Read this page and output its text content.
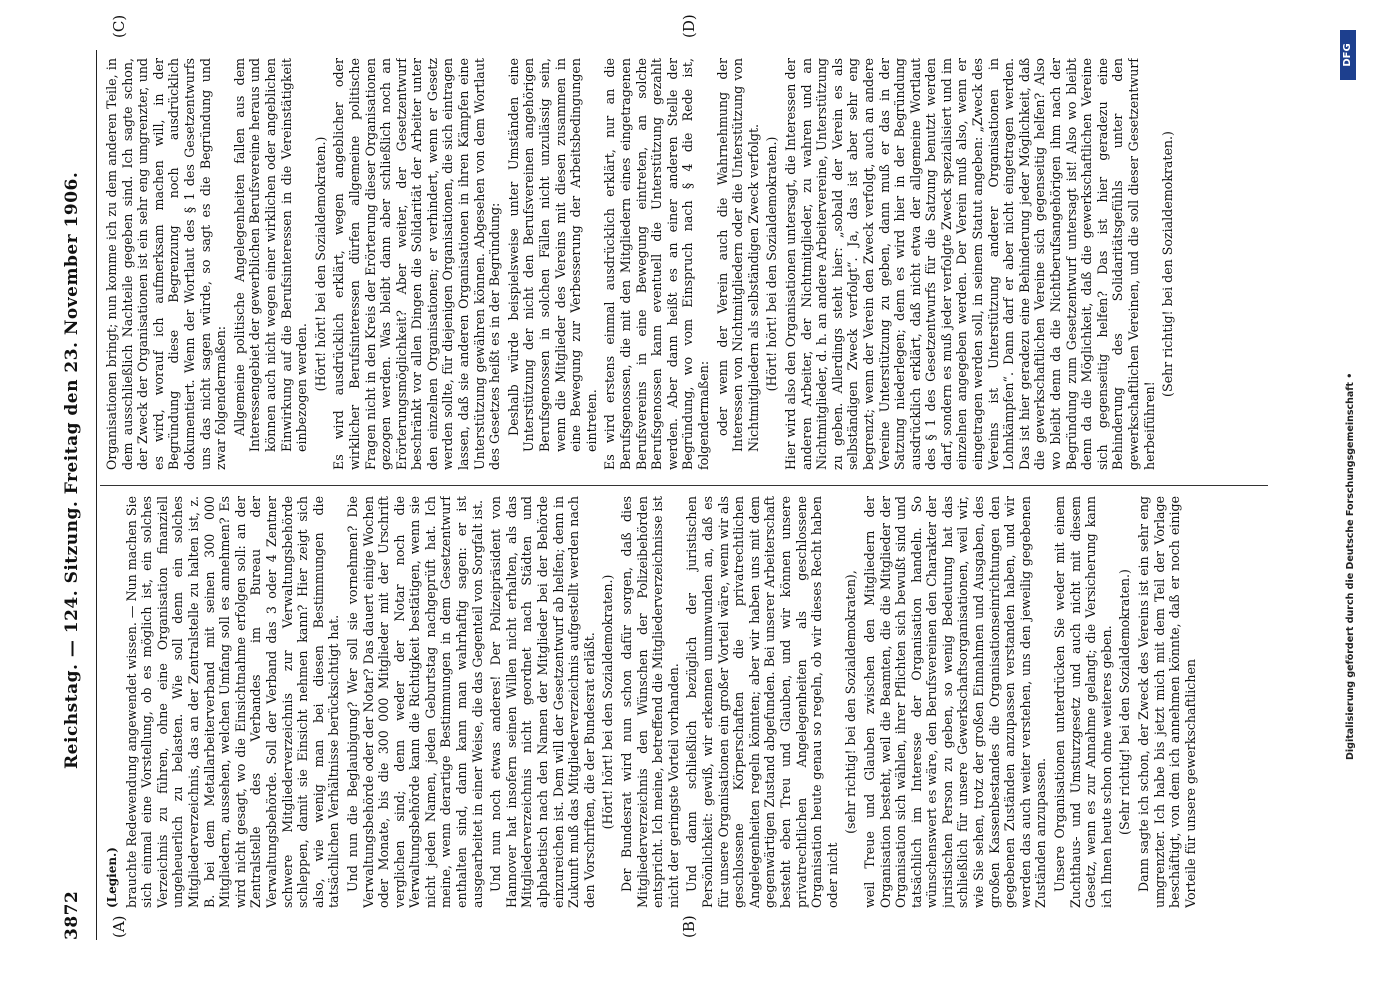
3872
Reichstag. — 124. Sitzung. Freitag den 23. November 1906.
(A)	(B)
(C)	(D)

(Legien.) brauchte Redewendung angewendet wissen. — Nun machen Sie sich einmal eine Vorstellung, ob es möglich ist, ein solches Verzeichnis zu führen, ohne eine Organisation finanziell ungeheuerlich zu belasten. Wie soll denn ein solches Mitgliederverzeichnis, das an der Zentralstelle zu halten ist, z. B. bei dem Metallarbeiterverband mit seinen 300 000 Mitgliedern, aussehen, welchen Umfang soll es annehmen? Es wird nicht gesagt, wo die Einsichtnahme erfolgen soll: an der Zentralstelle des Verbandes im Bureau der Verwaltungsbehörde. Soll der Verband das 3 oder 4 Zentner schwere Mitgliederverzeichnis zur Verwaltungsbehörde schleppen, damit sie Einsicht nehmen kann? Hier zeigt sich also, wie wenig man bei diesen Bestimmungen die tatsächlichen Verhältnisse berücksichtigt hat. Und nun die Beglaubigung? Wer soll sie vornehmen? Die Verwaltungsbehörde oder der Notar? Das dauert einige Wochen oder Monate, bis die 300 000 Mitglieder mit der Urschrift verglichen sind; denn weder der Notar noch die Verwaltungsbehörde kann die Richtigkeit bestätigen, wenn sie nicht jeden Namen, jeden Geburtstag nachgeprüft hat. Ich meine, wenn derartige Bestimmungen in dem Gesetzentwurf enthalten sind, dann kann man wahrhaftig sagen: er ist ausgearbeitet in einer Weise, die das Gegenteil von Sorgfalt ist. Und nun noch etwas anderes! Der Polizeipräsident von Hannover hat insofern seinen Willen nicht erhalten, als das Mitgliederverzeichnis nicht geordnet nach Städten und alphabetisch nach den Namen der Mitglieder bei der Behörde einzureichen ist. Dem will der Gesetzentwurf ab helfen; denn in Zukunft muß das Mitgliederverzeichnis aufgestellt werden nach den Vorschriften, die der Bundesrat erläßt. (Hört! hört! bei den Sozialdemokraten.) Der Bundesrat wird nun schon dafür sorgen, daß dies Mitgliederverzeichnis den Wünschen der Polizeibehörden entspricht. Ich meine, betreffend die Mitgliederverzeichnisse ist nicht der geringste Vorteil vorhanden. Und dann schließlich bezüglich der juristischen Persönlichkeit: gewiß, wir erkennen unumwunden an, daß es für unsere Organisationen ein großer Vorteil wäre, wenn wir als geschlossene Körperschaften die privatrechtlichen Angelegenheiten regeln könnten; aber wir haben uns mit dem gegenwärtigen Zustand abgefunden. Bei unserer Arbeiterschaft besteht eben Treu und Glauben, und wir können unsere privatrechtlichen Angelegenheiten als geschlossene Organisation heute genau so regeln, ob wir dieses Recht haben oder nicht

(sehr richtig! bei den Sozialdemokraten), weil Treue und Glauben zwischen den Mitgliedern der Organisation besteht, weil die Beamten, die die Mitglieder der Organisation sich wählen, ihrer Pflichten sich bewußt sind und tatsächlich im Interesse der Organisation handeln. So wünschenswert es wäre, den Berufsvereinen den Charakter der juristischen Person zu geben, so wenig Bedeutung hat das schließlich für unsere Gewerkschaftsorganisationen, weil wir, wie Sie sehen, trotz der großen Einnahmen und Ausgaben, des großen Kassenbestandes die Organisationseinrichtungen den gegebenen Zuständen anzupassen verstanden haben, und wir werden das auch weiter verstehen, uns den jeweilig gegebenen Zuständen anzupassen. Unsere Organisationen unterdrücken Sie weder mit einem Zuchthaus- und Umsturzgesetz und auch nicht mit diesem Gesetz, wenn es zur Annahme gelangt; die Versicherung kann ich Ihnen heute schon ohne weiteres geben. (Sehr richtig! bei den Sozialdemokraten.) Dann sagte ich schon, der Zweck des Vereins ist ein sehr eng umgrenzter. Ich habe bis jetzt mich mit dem Teil der Vorlage beschäftigt, von dem ich annehmen könnte, daß er noch einige Vorteile für unsere gewerkschaftlichen

Organisationen bringt; nun komme ich zu dem anderen Teile, in dem ausschließlich Nachteile gegeben sind. Ich sagte schon, der Zweck der Organisationen ist ein sehr eng umgrenzter, und es wird, worauf ich aufmerksam machen will, in der Begründung diese Begrenzung noch ausdrücklich dokumentiert. Wenn der Wortlaut des § 1 des Gesetzentwurfs uns das nicht sagen würde, so sagt es die Begründung und zwar folgendermaßen: Allgemeine politische Angelegenheiten fallen aus dem Interessengebiet der gewerblichen Berufsvereine heraus und können auch nicht wegen einer wirklichen oder angeblichen Einwirkung auf die Berufsinteressen in die Vereinstätigkeit einbezogen werden. (Hört! hört! bei den Sozialdemokraten.) Es wird ausdrücklich erklärt, wegen angeblicher oder wirklicher Berufsinteressen dürfen allgemeine politische Fragen nicht in den Kreis der Erörterung dieser Organisationen gezogen werden. Was bleibt dann aber schließlich noch an Erörterungsmöglichkeit? Aber weiter, der Gesetzentwurf beschränkt vor allen Dingen die Solidarität der Arbeiter unter den einzelnen Organisationen; er verhindert, wenn er Gesetz werden sollte, für diejenigen Organisationen, die sich eintragen lassen, daß sie anderen Organisationen in ihren Kämpfen eine Unterstützung gewähren können. Abgesehen von dem Wortlaut des Gesetzes heißt es in der Begründung: Deshalb würde beispielsweise unter Umständen eine Unterstützung der nicht den Berufsvereinen angehörigen Berufsgenossen in solchen Fällen nicht unzulässig sein, wenn die Mitglieder des Vereins mit diesen zusammen in eine Bewegung zur Verbesserung der Arbeitsbedingungen eintreten. Es wird erstens einmal ausdrücklich erklärt, nur an die Berufsgenossen, die mit den Mitgliedern eines eingetragenen Berufsvereins in eine Bewegung eintreten, an solche Berufsgenossen kann eventuell die Unterstützung gezahlt werden. Aber dann heißt es an einer anderen Stelle der Begründung, wo vom Einspruch nach § 4 die Rede ist, folgendermaßen: oder wenn der Verein auch die Wahrnehmung der Interessen von Nichtmitgliedern oder die Unterstützung von Nichtmitgliedern als selbständigen Zweck verfolgt. (Hört! hört! bei den Sozialdemokraten.) Hier wird also den Organisationen untersagt, die Interessen der anderen Arbeiter, der Nichtmitglieder, zu wahren und an Nichtmitglieder, d. h. an andere Arbeitervereine, Unterstützung zu geben. Allerdings steht hier: „sobald der Verein es als selbständigen Zweck verfolgt“. Ja, das ist aber sehr eng begrenzt; wenn der Verein den Zweck verfolgt, auch an andere Vereine Unterstützung zu geben, dann muß er das in der Satzung niederlegen; denn es wird hier in der Begründung ausdrücklich erklärt, daß nicht etwa der allgemeine Wortlaut des § 1 des Gesetzentwurfs für die Satzung benutzt werden darf, sondern es muß jeder verfolgte Zweck spezialisiert und im einzelnen angegeben werden. Der Verein muß also, wenn er eingetragen werden soll, in seinem Statut angeben: „Zweck des Vereins ist Unterstützung anderer Organisationen in Lohnkämpfen“. Dann darf er aber nicht eingetragen werden. Das ist hier geradezu eine Behinderung jeder Möglichkeit, daß die gewerkschaftlichen Vereine sich gegenseitig helfen? Also wo bleibt denn da die Nichtberufsangehörigen ihm nach der Begründung zum Gesetzentwurf untersagt ist! Also wo bleibt denn da die Möglichkeit, daß die gewerkschaftlichen Vereine sich gegenseitig helfen? Das ist hier geradezu eine Behinderung des Solidaritätsgefühls unter den gewerkschaftlichen Vereinen, und die soll dieser Gesetzentwurf herbeiführen!

(Sehr richtig! bei den Sozialdemokraten.)

Digitalisierung gefördert durch die Deutsche Forschungsgemeinschaft •
DFG
